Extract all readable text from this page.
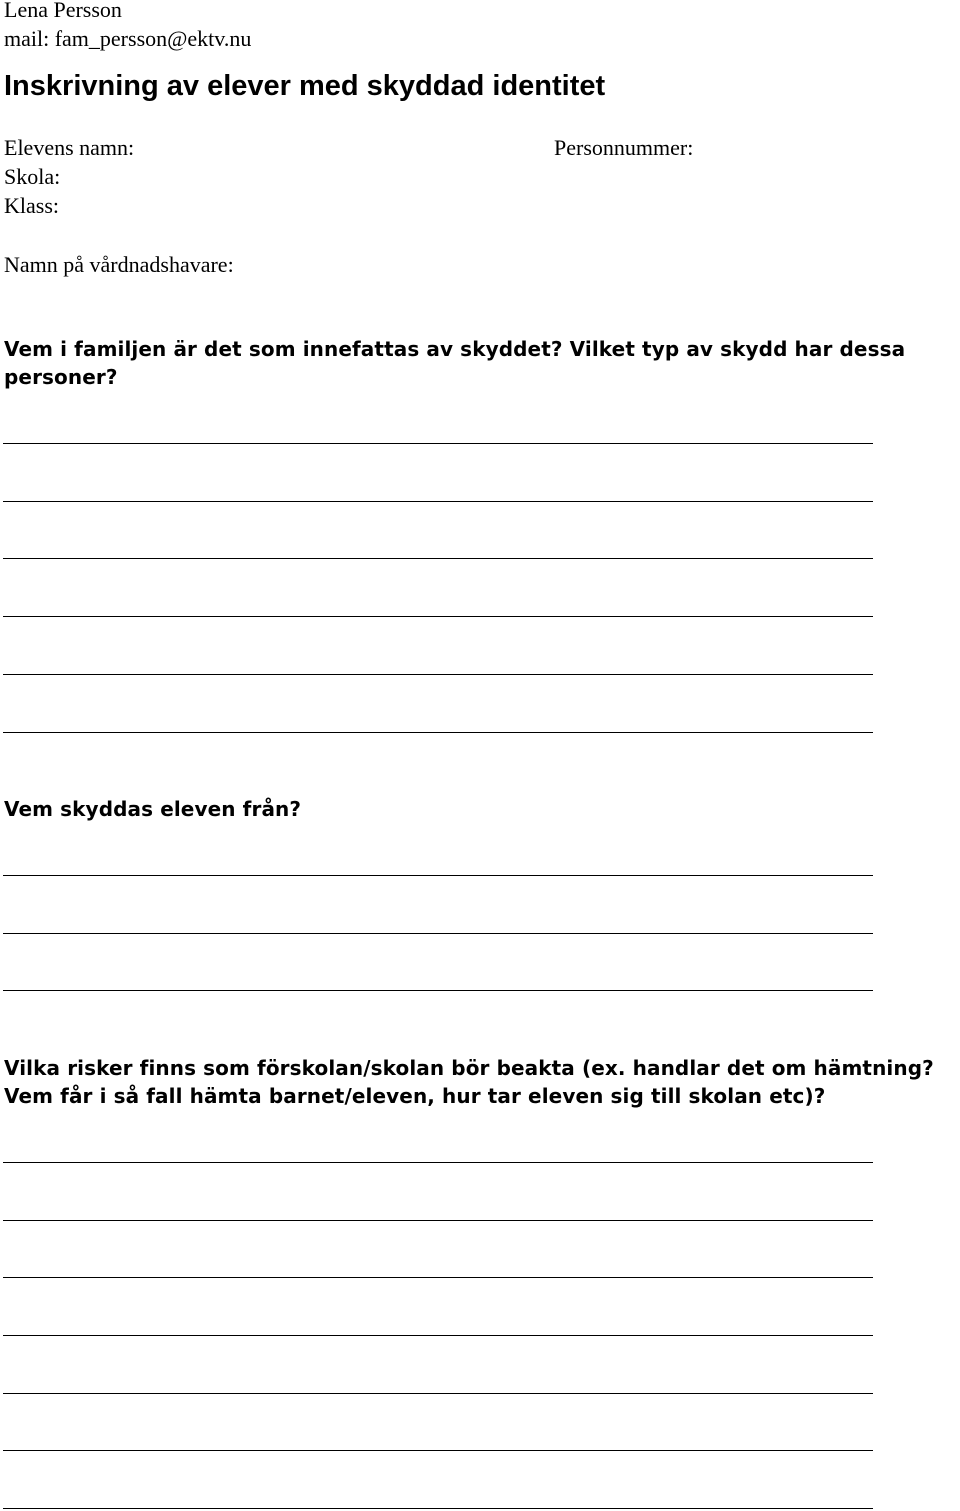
Lena Persson
mail: fam_persson@ektv.nu
Inskrivning av elever med skyddad identitet
Elevens namn:	Personnummer:
Skola:
Klass:
Namn på vårdnadshavare:
Vem i familjen är det som innefattas av skyddet? Vilket typ av skydd har dessa
personer?
Vem skyddas eleven från?
Vilka risker finns som förskolan/skolan bör beakta (ex. handlar det om hämtning?
Vem får i så fall hämta barnet/eleven, hur tar eleven sig till skolan etc)?
